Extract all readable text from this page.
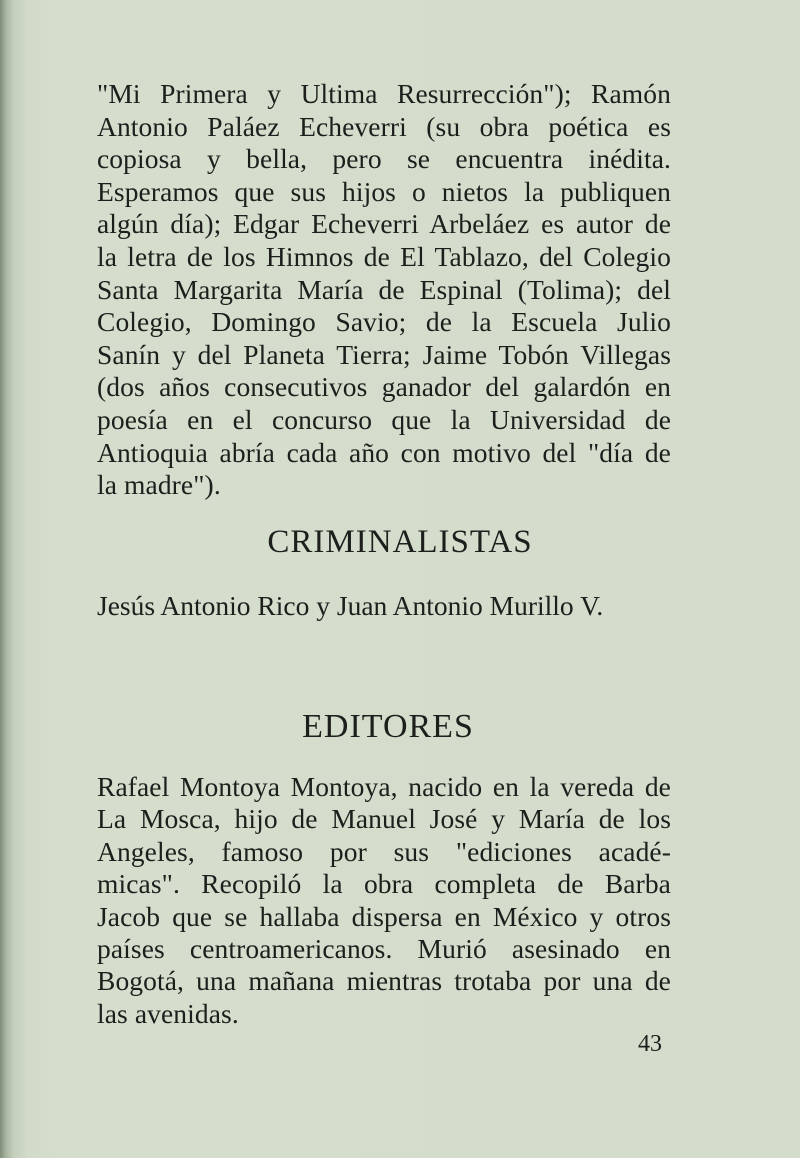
"Mi Primera y Ultima Resurrección"); Ramón
Antonio Paláez Echeverri (su obra poética es
copiosa y bella, pero se encuentra inédita.
Esperamos que sus hijos o nietos la publiquen
algún día); Edgar Echeverri Arbeláez es autor de
la letra de los Himnos de El Tablazo, del Colegio
Santa Margarita María de Espinal (Tolima); del
Colegio, Domingo Savio; de la Escuela Julio
Sanín y del Planeta Tierra; Jaime Tobón Villegas
(dos años consecutivos ganador del galardón en
poesía en el concurso que la Universidad de
Antioquia abría cada año con motivo del "día de
la madre").
CRIMINALISTAS
Jesús Antonio Rico y Juan Antonio Murillo V.
EDITORES
Rafael Montoya Montoya, nacido en la vereda de
La Mosca, hijo de Manuel José y María de los
Angeles, famoso por sus "ediciones acadé-
micas". Recopiló la obra completa de Barba
Jacob que se hallaba dispersa en México y otros
países centroamericanos. Murió asesinado en
Bogotá, una mañana mientras trotaba por una de
las avenidas.
43
